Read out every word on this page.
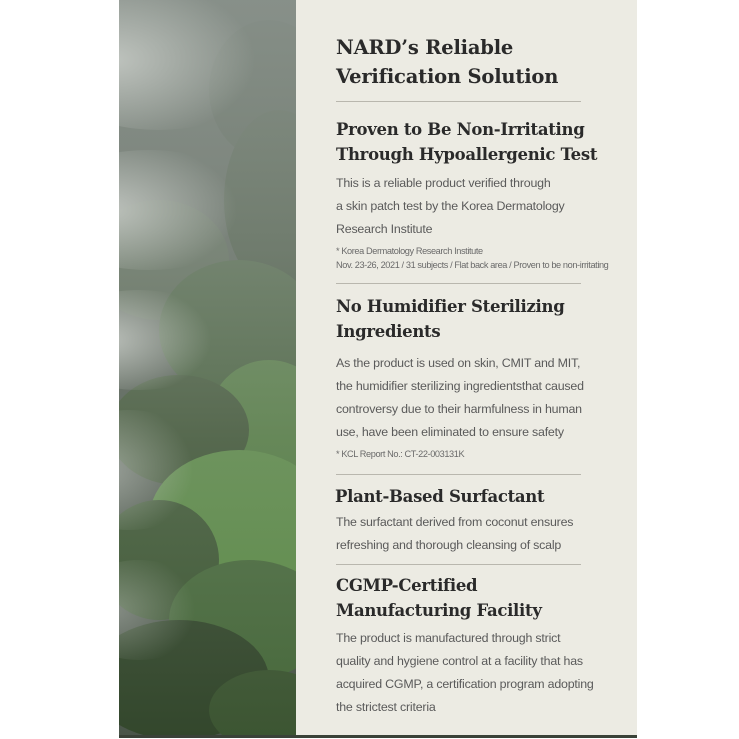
NARD’s Reliable
Verification Solution
Proven to Be Non-Irritating
Through Hypoallergenic Test

This is a reliable product verified through
a skin patch test by the Korea Dermatology
Research Institute

* Korea Dermatology Research Institute
Nov. 23-26, 2021 / 31 subjects / Flat back area / Proven to be non-irritating

No Humidifier Sterilizing
Ingredients

As the product is used on skin, CMIT and MIT,
the humidifier sterilizing ingredientsthat caused
controversy due to their harmfulness in human
use, have been eliminated to ensure safety

* KCL Report No.: CT-22-003131K

Plant-Based Surfactant

The surfactant derived from coconut ensures
refreshing and thorough cleansing of scalp

CGMP-Certified
Manufacturing Facility

The product is manufactured through strict
quality and hygiene control at a facility that has
acquired CGMP, a certification program adopting
the strictest criteria
